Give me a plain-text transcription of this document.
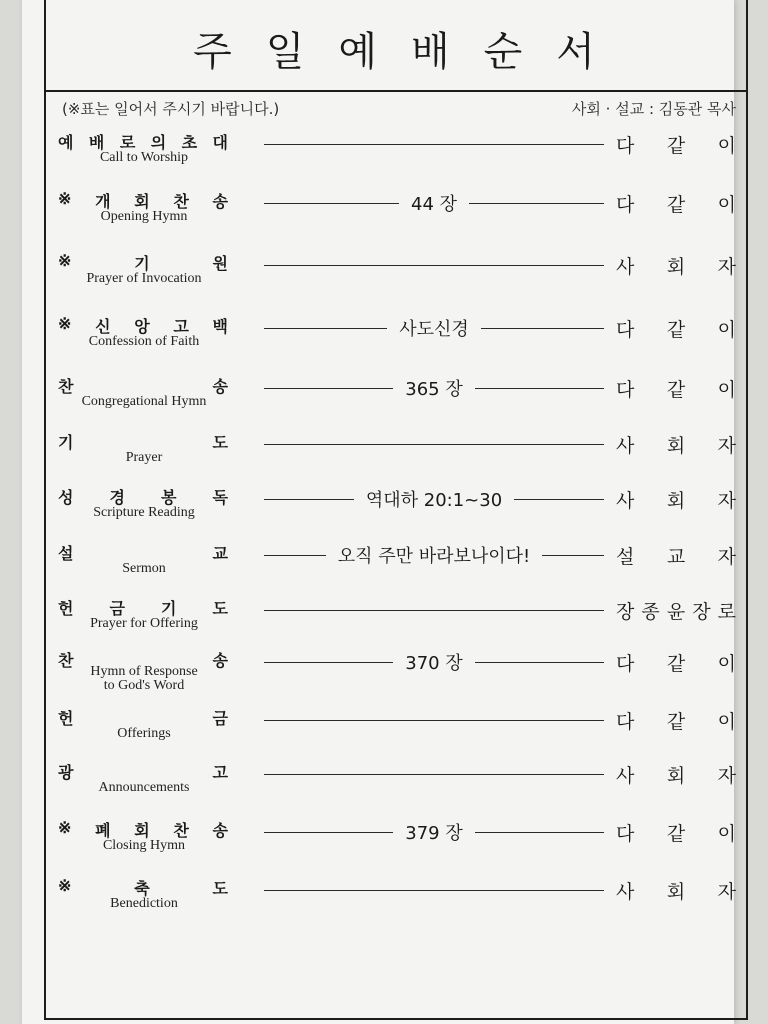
주일예배순서
(※표는 일어서 주시기 바랍니다.)	사회 · 설교 : 김동관 목사
예 배 로 의 초 대
Call to Worship
다 같 이
※ 개 회 찬 송
Opening Hymn
44 장	다 같 이
※	기	원
Prayer of Invocation
사 회 자
※ 신 앙 고 백
Confession of Faith
사도신경	다 같 이
찬	송
Congregational Hymn
365 장	다 같 이
기	도
Prayer
사 회 자
성 경 봉 독
Scripture Reading
역대하 20:1~30	사 회 자
설	교
Sermon
오직 주만 바라보나이다!	설 교 자
헌 금 기 도
Prayer for Offering
장 종 윤 장 로
찬	송
Hymn of Response
to God's Word
370 장	다 같 이
헌	금
Offerings
다 같 이
광	고
Announcements
사 회 자
※ 폐 회 찬 송
Closing Hymn
379 장	다 같 이
※	축	도
Benediction
사 회 자
